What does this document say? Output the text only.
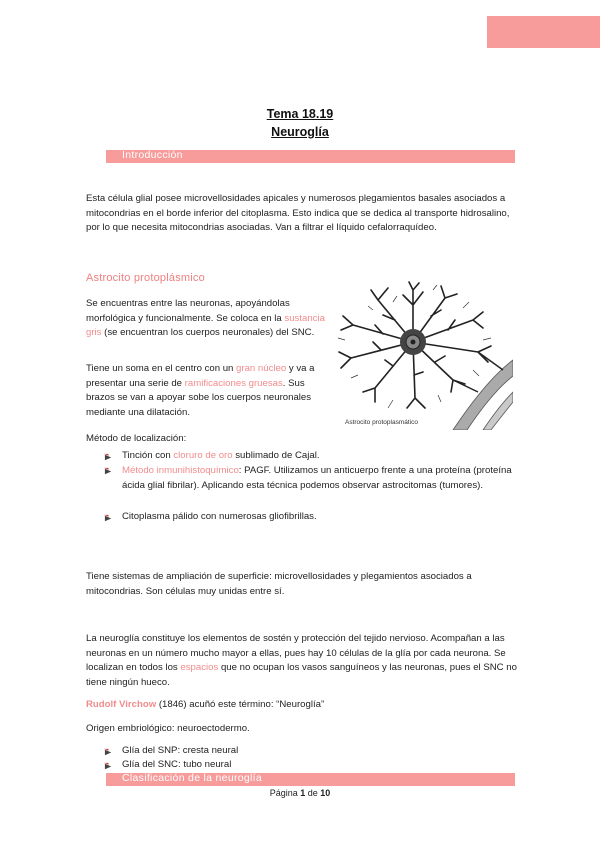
Tema 18.19
Neuroglía
Introducción

Esta célula glial posee microvellosidades apicales y numerosos plegamientos basales asociados a mitocondrias en el borde inferior del citoplasma. Esto indica que se dedica al transporte hidrosalino, por lo que necesita mitocondrias asociadas. Van a filtrar el líquido cefalorraquídeo.

Astrocito protoplásmico

Se encuentras entre las neuronas, apoyándolas morfológica y funcionalmente. Se coloca en la sustancia gris (se encuentran los cuerpos neuronales) del SNC.

Tiene un soma en el centro con un gran núcleo y va a presentar una serie de ramificaciones gruesas. Sus brazos se van a apoyar sobe los cuerpos neuronales mediante una dilatación.

Astrocito protoplasmático
Método de localización:
Tinción con cloruro de oro sublimado de Cajal.
Método inmunihistoquímico: PAGF. Utilizamos un anticuerpo frente a una proteína (proteína ácida glial fibrilar). Aplicando esta técnica podemos observar astrocitomas (tumores).
Citoplasma pálido con numerosas gliofibrillas.

Tiene sistemas de ampliación de superficie: microvellosidades y plegamientos asociados a mitocondrias. Son células muy unidas entre sí.

La neuroglía constituye los elementos de sostén y protección del tejido nervioso. Acompañan a las neuronas en un número mucho mayor a ellas, pues hay 10 células de la glía por cada neurona. Se localizan en todos los espacios que no ocupan los vasos sanguíneos y las neuronas, pues el SNC no tiene ningún hueco.

Rudolf Virchow (1846) acuñó este término: “Neuroglía”
Origen embriológico: neuroectodermo.
Glía del SNP: cresta neural
Glía del SNC: tubo neural
Clasificación de la neuroglía
Página 1 de 10
